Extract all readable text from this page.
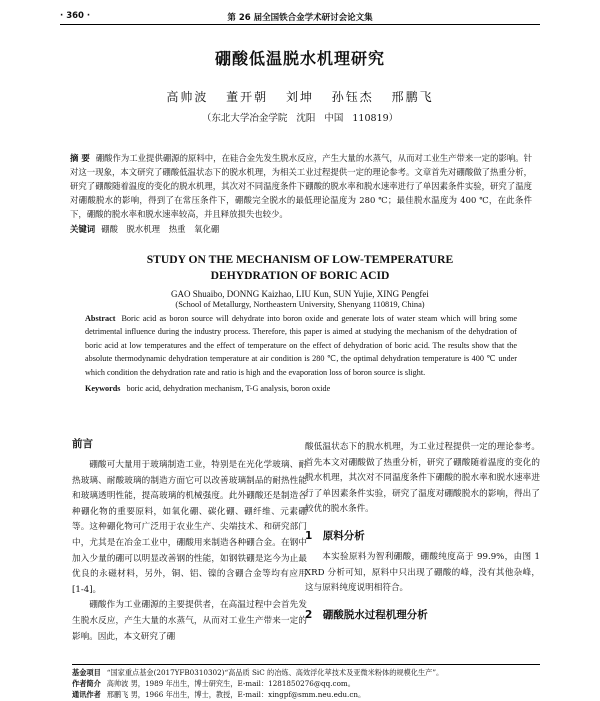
· 360 ·	第 26 届全国铁合金学术研讨会论文集
硼酸低温脱水机理研究
高帅波 董开朝 刘坤 孙钰杰 邢鹏飞
（东北大学冶金学院 沈阳 中国 110819）
摘 要 硼酸作为工业提供硼源的原料中，在硅合金先发生脱水反应，产生大量的水蒸气，从而对工业生产带来一定的影响。针对这一现象，本文研究了硼酸低温状态下的脱水机理，为相关工业过程提供一定的理论参考。文章首先对硼酸做了热重分析，研究了硼酸随着温度的变化的脱水机理，其次对不同温度条件下硼酸的脱水率和脱水速率进行了单因素条件实验，研究了温度对硼酸脱水的影响，得到了在常压条件下，硼酸完全脱水的最低理论温度为 280 ℃；最佳脱水温度为 400 ℃，在此条件下，硼酸的脱水率和脱水速率较高，并且释放损失也较少。
关键词 硼酸 脱水机理 热重 氧化硼
STUDY ON THE MECHANISM OF LOW-TEMPERATURE
DEHYDRATION OF BORIC ACID
GAO Shuaibo, DONNG Kaizhao, LIU Kun, SUN Yujie, XING Pengfei
(School of Metallurgy, Northeastern University, Shenyang 110819, China)
Abstract Boric acid as boron source will dehydrate into boron oxide and generate lots of water steam which will bring some detrimental influence during the industry process. Therefore, this paper is aimed at studying the mechanism of the dehydration of boric acid at low temperatures and the effect of temperature on the effect of dehydration of boric acid. The results show that the absolute thermodynamic dehydration temperature at air condition is 280 ℃, the optimal dehydration temperature is 400 ℃ under which condition the dehydration rate and ratio is high and the evaporation loss of boron source is slight.
Keywords boric acid, dehydration mechanism, T-G analysis, boron oxide
前言

硼酸可大量用于玻璃制造工业，特别是在光化学玻璃、耐热玻璃、耐酸玻璃的制造方面它可以改善玻璃制品的耐热性能和玻璃透明性能，提高玻璃的机械强度。此外硼酸还是制造各种硼化物的重要原料，如氧化硼、碳化硼、硼纤维、元素硼等。这种硼化物可广泛用于农业生产、尖端技术、和研究部门中，尤其是在冶金工业中，硼酸用来制造各种硼合金。在钢中加入少量的硼可以明显改善钢的性能，如钢铁硼是迄今为止最优良的永磁材料，另外，铜、铝、镍的含硼合金等均有应用[1-4]。

硼酸作为工业硼源的主要提供者，在高温过程中会首先发生脱水反应，产生大量的水蒸气，从而对工业生产带来一定的影响。因此，本文研究了硼

酸低温状态下的脱水机理，为工业过程提供一定的理论参考。首先本文对硼酸做了热重分析，研究了硼酸随着温度的变化的脱水机理，其次对不同温度条件下硼酸的脱水率和脱水速率进行了单因素条件实验，研究了温度对硼酸脱水的影响，得出了较优的脱水条件。

1　原料分析

本实验原料为智利硼酸，硼酸纯度高于 99.9%，由图 1 XRD 分析可知，原料中只出现了硼酸的峰，没有其他杂峰，这与原料纯度说明相符合。

2　硼酸脱水过程机理分析
基金项目 “国家重点基金(2017YFB0310302)“高品质 SiC 的冶炼、高效浮化萃技术及亚微米粉体的规模化生产”。
作者简介 高帅波 男，1989 年出生，博士研究生，E-mail：1281850276@qq.com。
通讯作者 邢鹏飞 男，1966 年出生，博士，教授，E-mail：xingpf@smm.neu.edu.cn。
